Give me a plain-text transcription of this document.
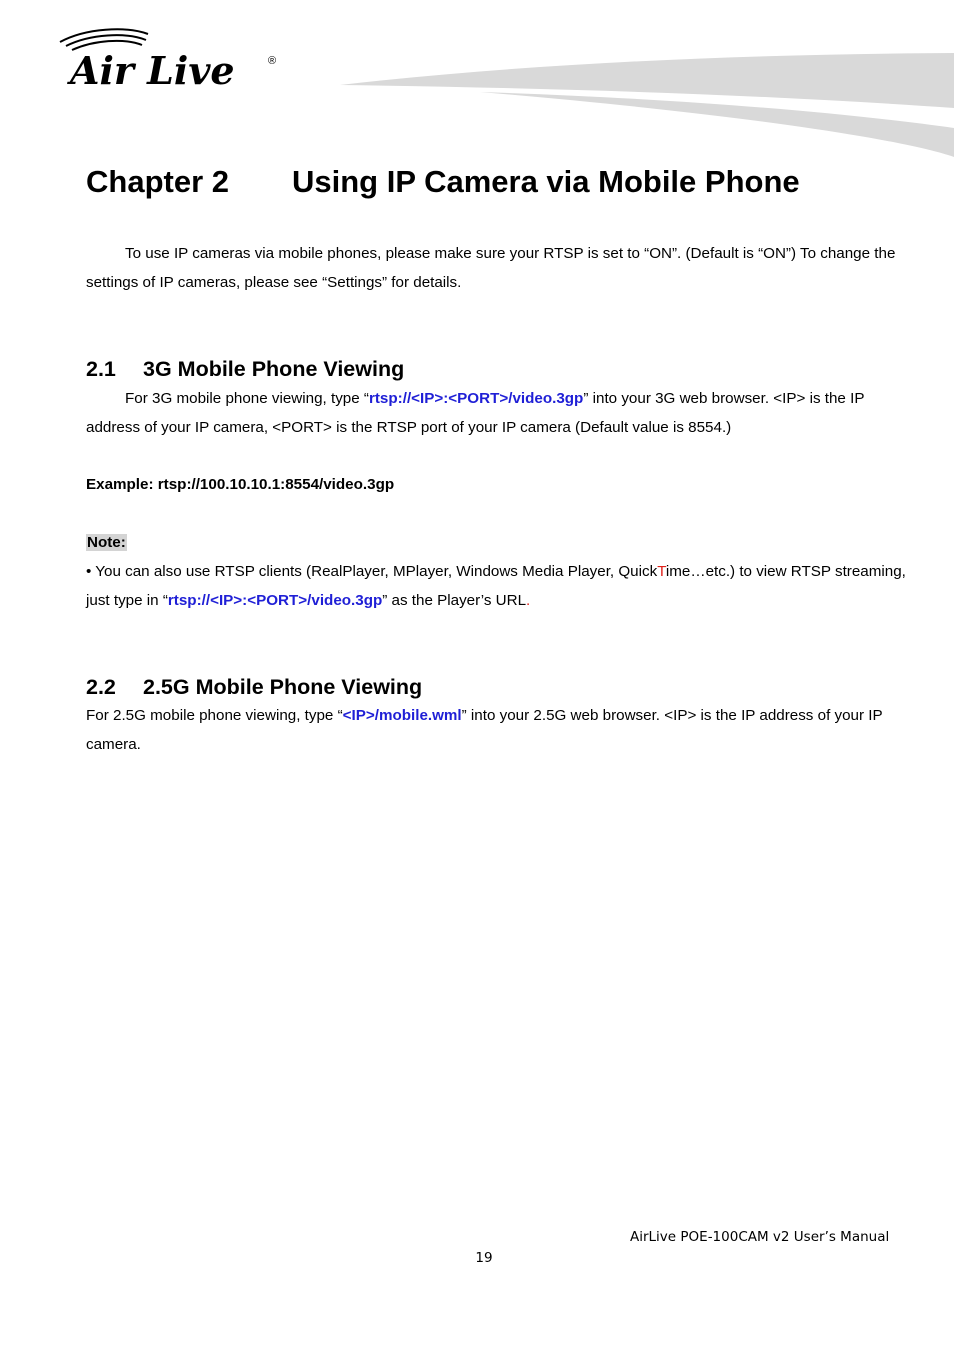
Air Live	®
Chapter 2 Using IP Camera via Mobile Phone

To use IP cameras via mobile phones, please make sure your RTSP is set to “ON”. (Default is “ON”) To change the settings of IP cameras, please see “Settings” for details.

2.1 3G Mobile Phone Viewing

For 3G mobile phone viewing, type “rtsp://<IP>:<PORT>/video.3gp” into your 3G web browser. <IP> is the IP address of your IP camera, <PORT> is the RTSP port of your IP camera (Default value is 8554.)

Example: rtsp://100.10.10.1:8554/video.3gp

Note:

• You can also use RTSP clients (RealPlayer, MPlayer, Windows Media Player, QuickTime…etc.) to view RTSP streaming, just type in “rtsp://<IP>:<PORT>/video.3gp” as the Player’s URL.

2.2 2.5G Mobile Phone Viewing

For 2.5G mobile phone viewing, type “<IP>/mobile.wml” into your 2.5G web browser. <IP> is the IP address of your IP camera.

AirLive POE-100CAM v2 User’s Manual
19
